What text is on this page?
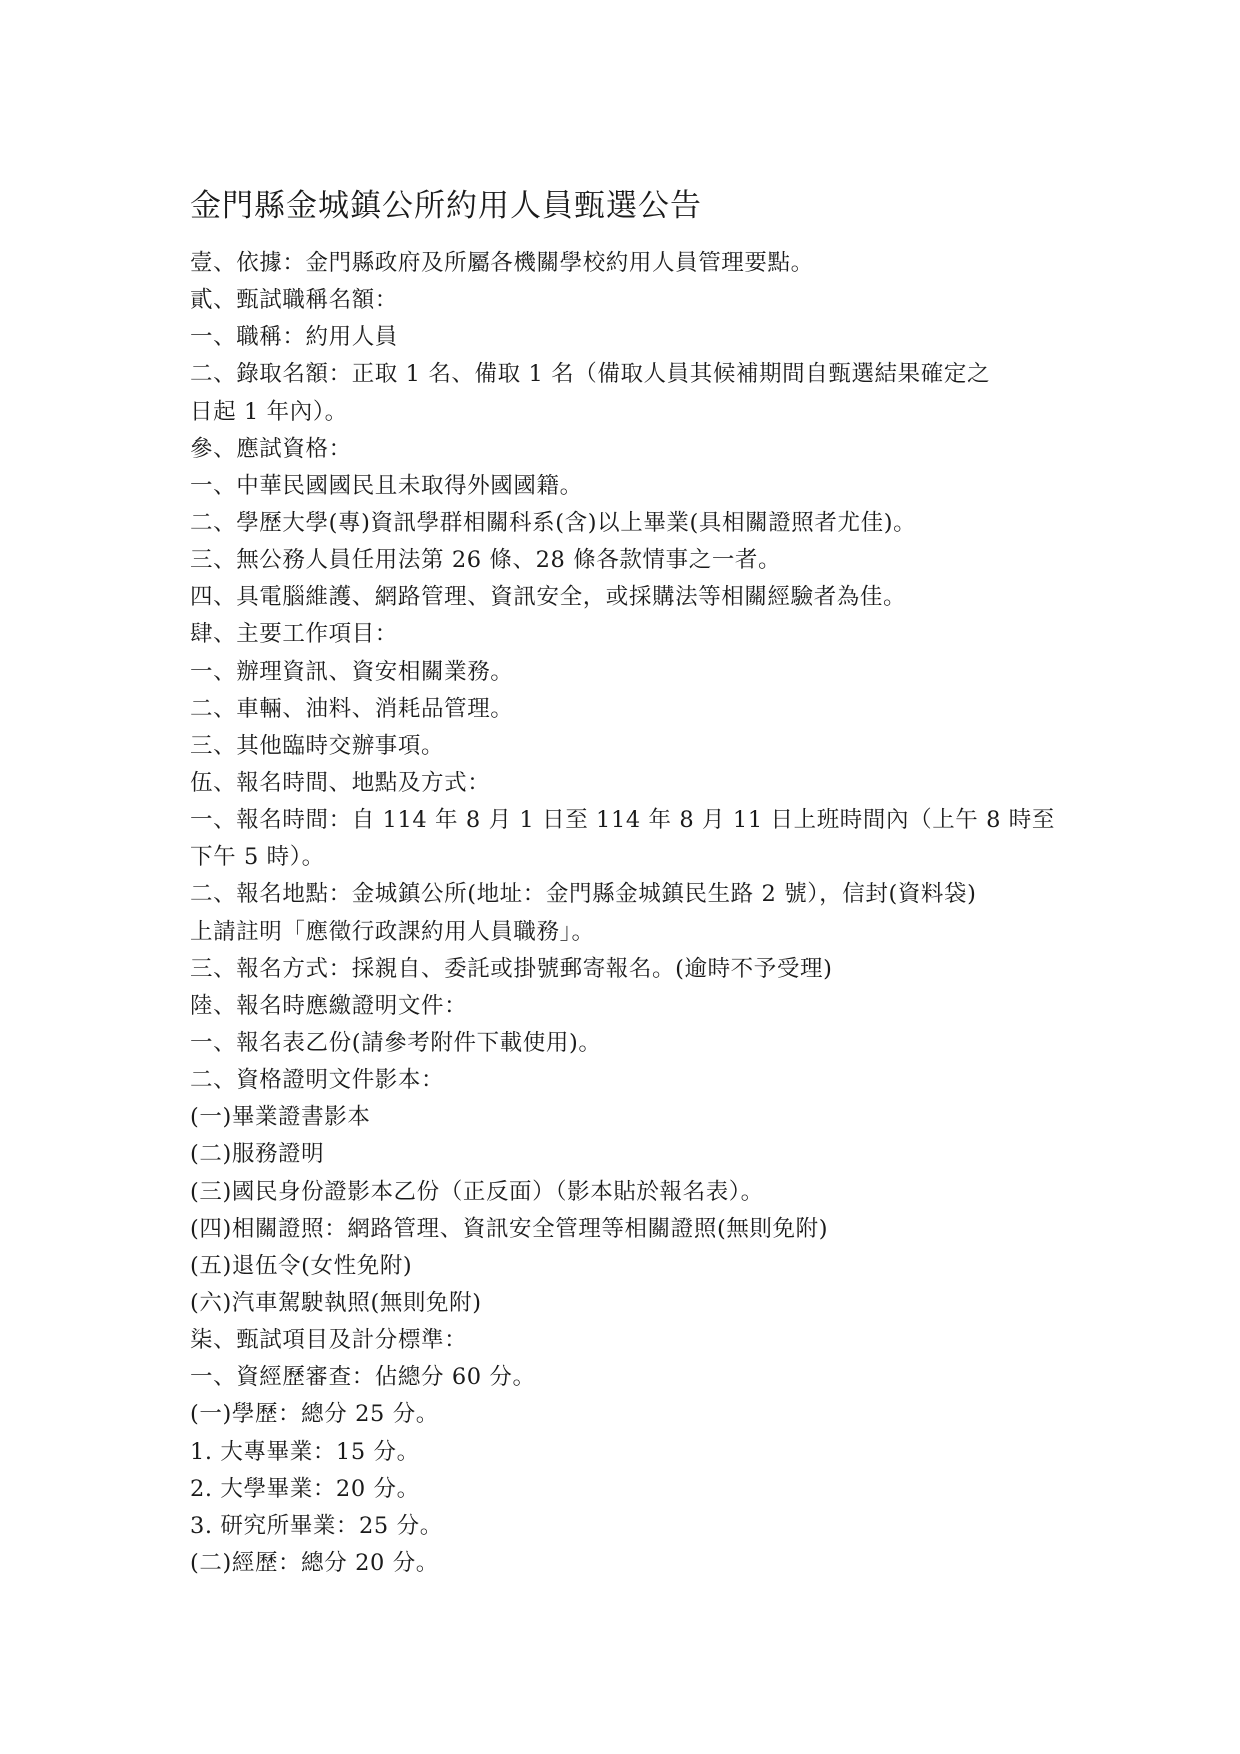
金門縣金城鎮公所約用人員甄選公告
壹、依據：金門縣政府及所屬各機關學校約用人員管理要點。
貳、甄試職稱名額：
一、職稱：約用人員
二、錄取名額：正取 1 名、備取 1 名（備取人員其候補期間自甄選結果確定之
日起 1 年內）。
參、應試資格：
一、中華民國國民且未取得外國國籍。
二、學歷大學(專)資訊學群相關科系(含)以上畢業(具相關證照者尤佳)。
三、無公務人員任用法第 26 條、28 條各款情事之一者。
四、具電腦維護、網路管理、資訊安全，或採購法等相關經驗者為佳。
肆、主要工作項目：
一、辦理資訊、資安相關業務。
二、車輛、油料、消耗品管理。
三、其他臨時交辦事項。
伍、報名時間、地點及方式：
一、報名時間：自 114 年 8 月 1 日至 114 年 8 月 11 日上班時間內（上午 8 時至
下午 5 時）。
二、報名地點：金城鎮公所(地址：金門縣金城鎮民生路 2 號），信封(資料袋)
上請註明「應徵行政課約用人員職務」。
三、報名方式：採親自、委託或掛號郵寄報名。(逾時不予受理)
陸、報名時應繳證明文件：
一、報名表乙份(請參考附件下載使用)。
二、資格證明文件影本：
(一)畢業證書影本
(二)服務證明
(三)國民身份證影本乙份（正反面）（影本貼於報名表）。
(四)相關證照：網路管理、資訊安全管理等相關證照(無則免附)
(五)退伍令(女性免附)
(六)汽車駕駛執照(無則免附)
柒、甄試項目及計分標準：
一、資經歷審查：佔總分 60 分。
(一)學歷：總分 25 分。
1. 大專畢業：15 分。
2. 大學畢業：20 分。
3. 研究所畢業：25 分。
(二)經歷：總分 20 分。
